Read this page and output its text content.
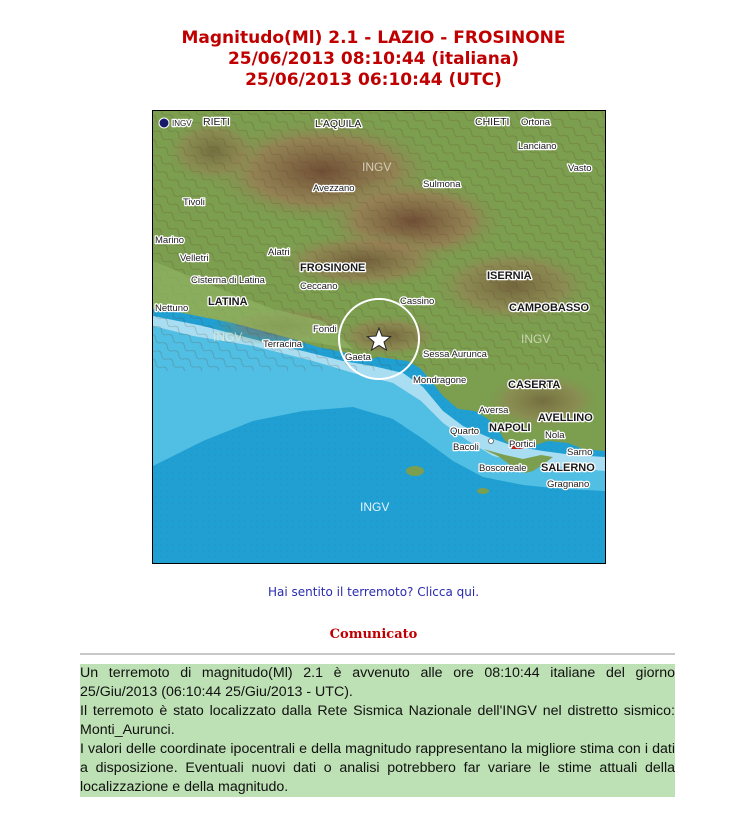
Magnitudo(Ml) 2.1 - LAZIO - FROSINONE
25/06/2013 08:10:44 (italiana)
25/06/2013 06:10:44 (UTC)
INGV RIETI	L'AQUILA	CHIETI Ortona
Lanciano
Vasto
Sulmona
Avezzano
Tivoli
Marino
Alatri
Velletri
FROSINONE
ISERNIA
Cisterna di Latina
Ceccano
LATINA	Cassino
CAMPOBASSO
Nettuno
Fondi
Terracina
Gaeta	Sessa Aurunca
Mondragone	CASERTA
Aversa
AVELLINO
Quarto NAPOLI
Nola
Bacoli	Portici
Sarno
Boscoreale SALERNO
Gragnano
INGV
INGV
INGV	INGV
Hai sentito il terremoto? Clicca qui.
Comunicato

Un terremoto di magnitudo(Ml) 2.1 è avvenuto alle ore 08:10:44 italiane del giorno 25/Giu/2013 (06:10:44 25/Giu/2013 - UTC).

Il terremoto è stato localizzato dalla Rete Sismica Nazionale dell'INGV nel distretto sismico: Monti_Aurunci.

I valori delle coordinate ipocentrali e della magnitudo rappresentano la migliore stima con i dati a disposizione. Eventuali nuovi dati o analisi potrebbero far variare le stime attuali della localizzazione e della magnitudo.
